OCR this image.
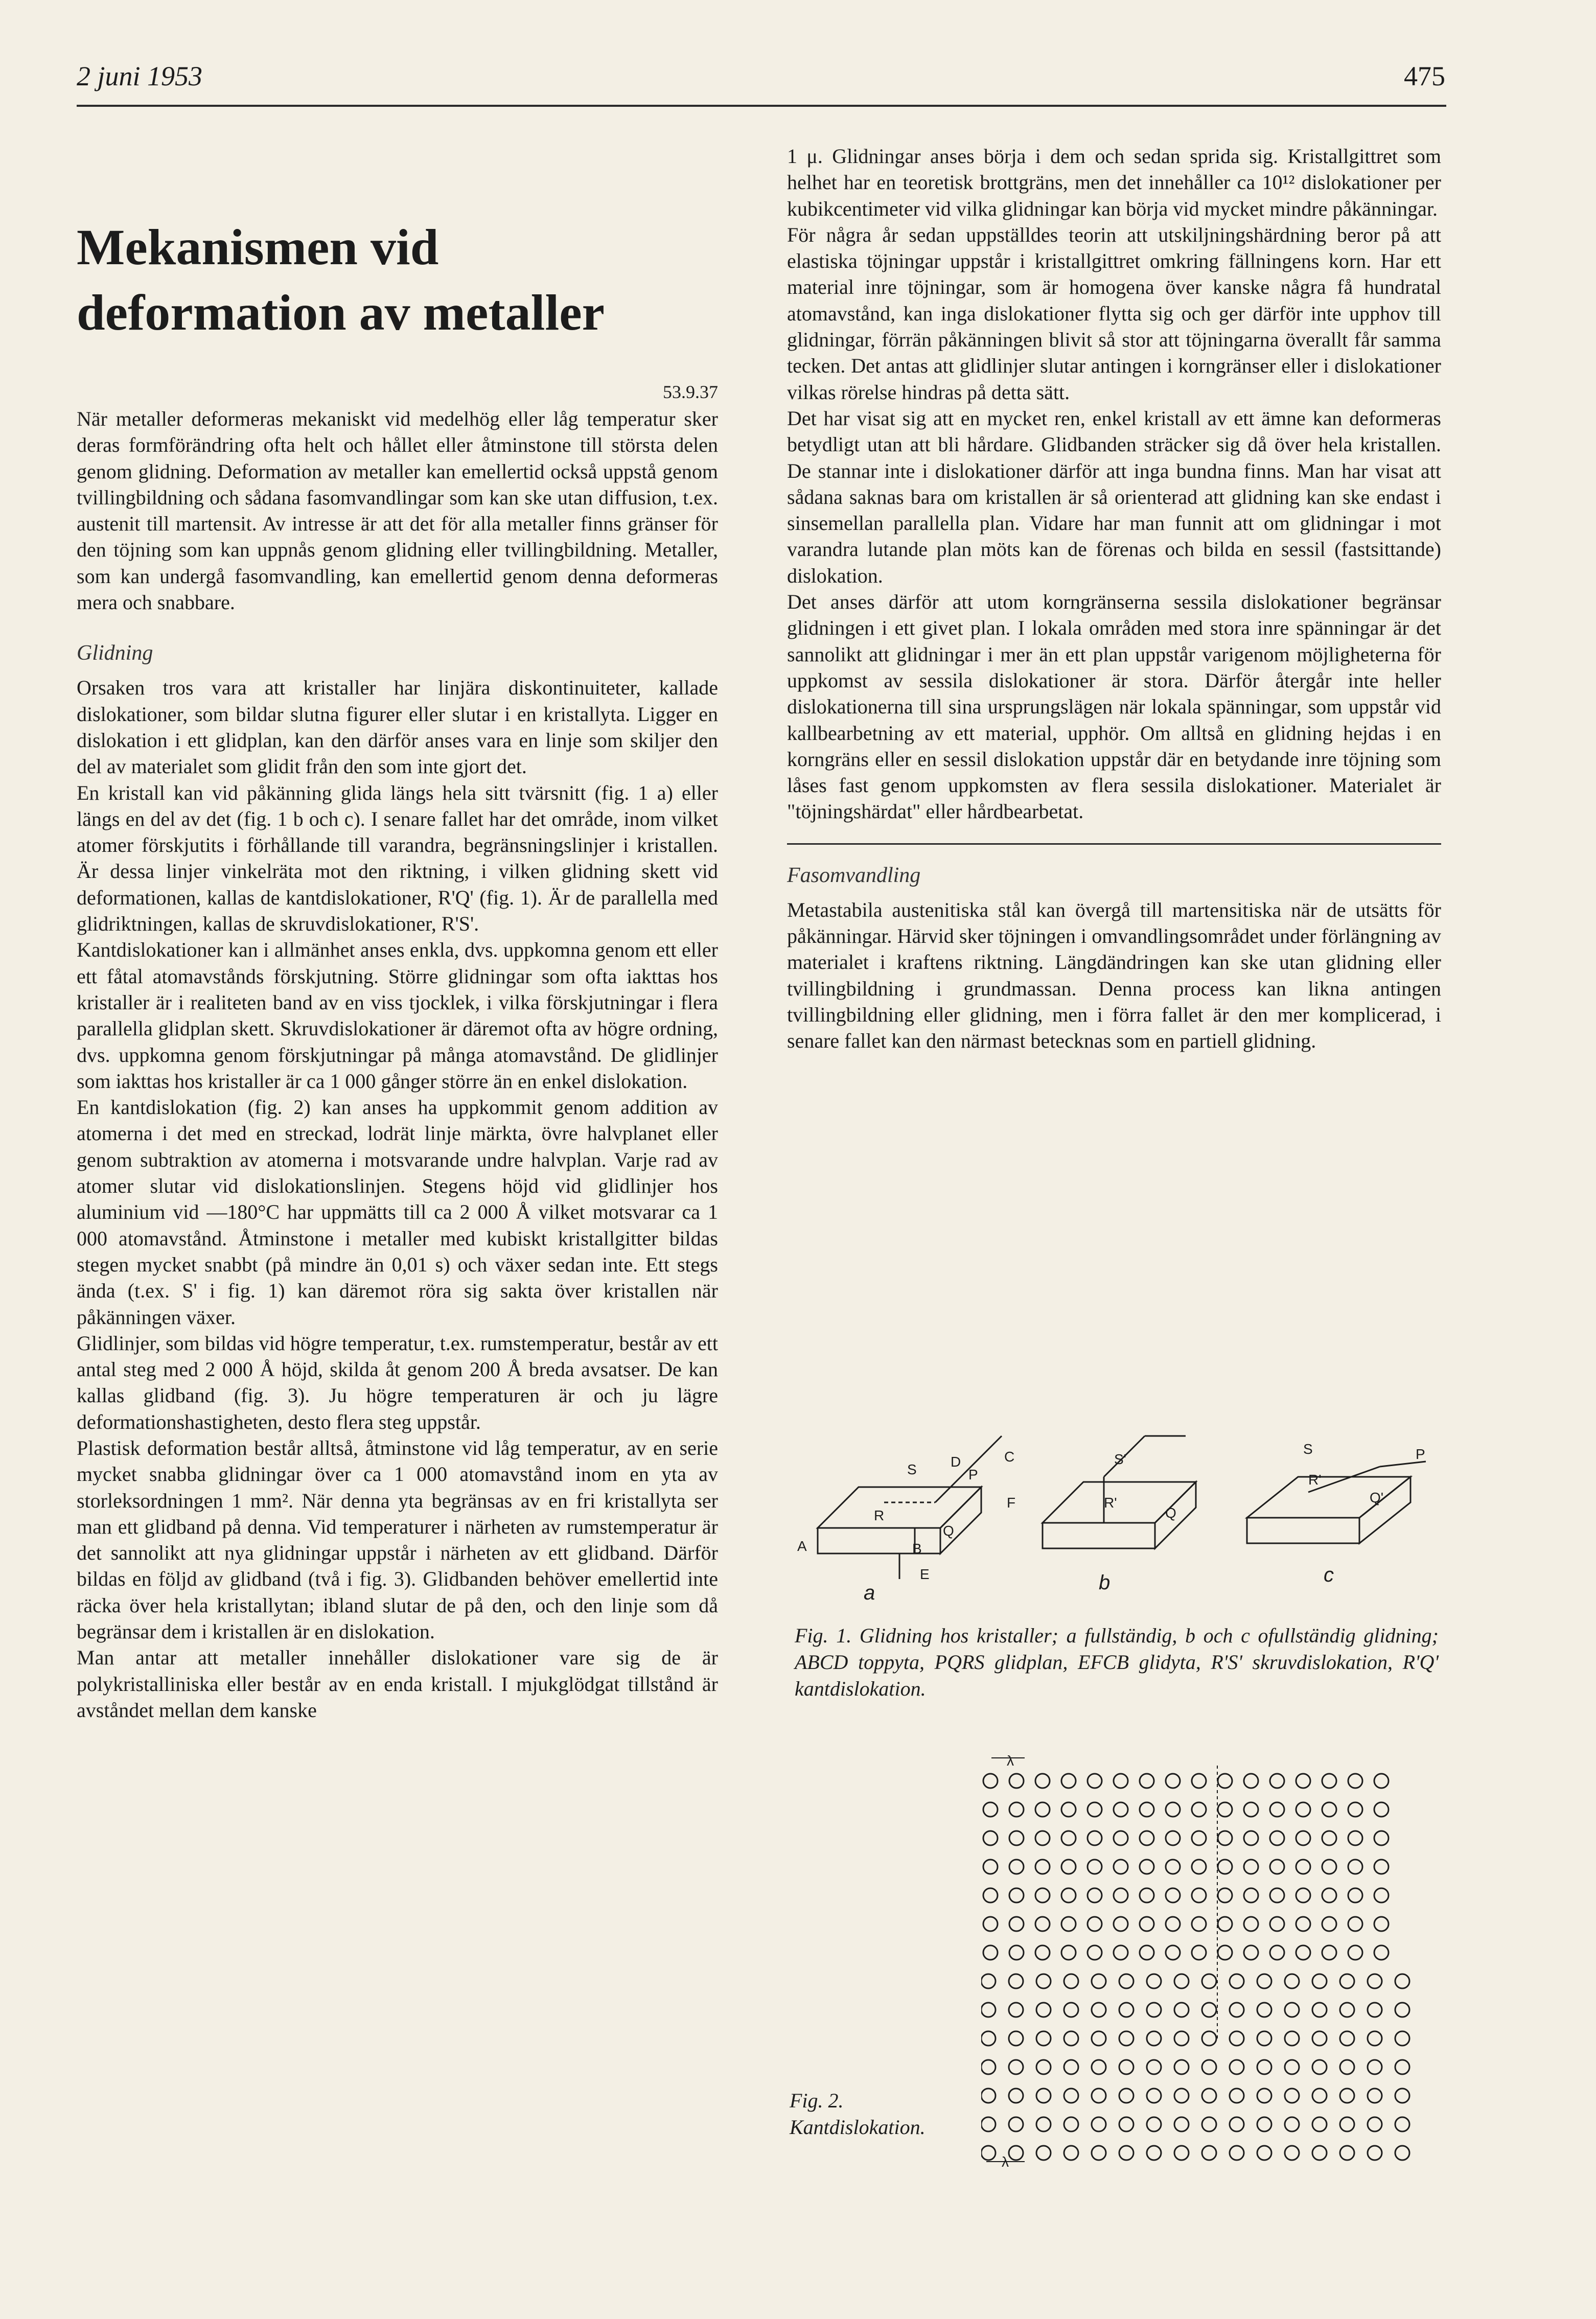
2 juni 1953	475
Mekanismen vid deformation av metaller
53.9.37

När metaller deformeras mekaniskt vid medelhög eller låg temperatur sker deras formförändring ofta helt och hållet eller åtminstone till största delen genom glidning. Deformation av metaller kan emellertid också uppstå genom tvillingbildning och sådana fasomvandlingar som kan ske utan diffusion, t.ex. austenit till martensit. Av intresse är att det för alla metaller finns gränser för den töjning som kan uppnås genom glidning eller tvillingbildning. Metaller, som kan undergå fasomvandling, kan emellertid genom denna deformeras mera och snabbare.

Glidning

Orsaken tros vara att kristaller har linjära diskontinuiteter, kallade dislokationer, som bildar slutna figurer eller slutar i en kristallyta. Ligger en dislokation i ett glidplan, kan den därför anses vara en linje som skiljer den del av materialet som glidit från den som inte gjort det.

En kristall kan vid påkänning glida längs hela sitt tvärsnitt (fig. 1 a) eller längs en del av det (fig. 1 b och c). I senare fallet har det område, inom vilket atomer förskjutits i förhållande till varandra, begränsningslinjer i kristallen. Är dessa linjer vinkelräta mot den riktning, i vilken glidning skett vid deformationen, kallas de kantdislokationer, R'Q' (fig. 1). Är de parallella med glidriktningen, kallas de skruvdislokationer, R'S'.

Kantdislokationer kan i allmänhet anses enkla, dvs. uppkomna genom ett eller ett fåtal atomavstånds förskjutning. Större glidningar som ofta iakttas hos kristaller är i realiteten band av en viss tjocklek, i vilka förskjutningar i flera parallella glidplan skett. Skruvdislokationer är däremot ofta av högre ordning, dvs. uppkomna genom förskjutningar på många atomavstånd. De glidlinjer som iakttas hos kristaller är ca 1 000 gånger större än en enkel dislokation.

En kantdislokation (fig. 2) kan anses ha uppkommit genom addition av atomerna i det med en streckad, lodrät linje märkta, övre halvplanet eller genom subtraktion av atomerna i motsvarande undre halvplan. Varje rad av atomer slutar vid dislokationslinjen. Stegens höjd vid glidlinjer hos aluminium vid —180°C har uppmätts till ca 2 000 Å vilket motsvarar ca 1 000 atomavstånd. Åtminstone i metaller med kubiskt kristallgitter bildas stegen mycket snabbt (på mindre än 0,01 s) och växer sedan inte. Ett stegs ända (t.ex. S' i fig. 1) kan däremot röra sig sakta över kristallen när påkänningen växer.

Glidlinjer, som bildas vid högre temperatur, t.ex. rumstemperatur, består av ett antal steg med 2 000 Å höjd, skilda åt genom 200 Å breda avsatser. De kan kallas glidband (fig. 3). Ju högre temperaturen är och ju lägre deformationshastigheten, desto flera steg uppstår.

Plastisk deformation består alltså, åtminstone vid låg temperatur, av en serie mycket snabba glidningar över ca 1 000 atomavstånd inom en yta av storleksordningen 1 mm². När denna yta begränsas av en fri kristallyta ser man ett glidband på denna. Vid temperaturer i närheten av rumstemperatur är det sannolikt att nya glidningar uppstår i närheten av ett glidband. Därför bildas en följd av glidband (två i fig. 3). Glidbanden behöver emellertid inte räcka över hela kristallytan; ibland slutar de på den, och den linje som då begränsar dem i kristallen är en dislokation.

Man antar att metaller innehåller dislokationer vare sig de är polykristalliniska eller består av en enda kristall. I mjukglödgat tillstånd är avståndet mellan dem kanske

1 μ. Glidningar anses börja i dem och sedan sprida sig. Kristallgittret som helhet har en teoretisk brottgräns, men det innehåller ca 10¹² dislokationer per kubikcentimeter vid vilka glidningar kan börja vid mycket mindre påkänningar.

För några år sedan uppställdes teorin att utskiljningshärdning beror på att elastiska töjningar uppstår i kristallgittret omkring fällningens korn. Har ett material inre töjningar, som är homogena över kanske några få hundratal atomavstånd, kan inga dislokationer flytta sig och ger därför inte upphov till glidningar, förrän påkänningen blivit så stor att töjningarna överallt får samma tecken. Det antas att glidlinjer slutar antingen i korngränser eller i dislokationer vilkas rörelse hindras på detta sätt.

Det har visat sig att en mycket ren, enkel kristall av ett ämne kan deformeras betydligt utan att bli hårdare. Glidbanden sträcker sig då över hela kristallen. De stannar inte i dislokationer därför att inga bundna finns. Man har visat att sådana saknas bara om kristallen är så orienterad att glidning kan ske endast i sinsemellan parallella plan. Vidare har man funnit att om glidningar i mot varandra lutande plan möts kan de förenas och bilda en sessil (fastsittande) dislokation.

Det anses därför att utom korngränserna sessila dislokationer begränsar glidningen i ett givet plan. I lokala områden med stora inre spänningar är det sannolikt att glidningar i mer än ett plan uppstår varigenom möjligheterna för uppkomst av sessila dislokationer är stora. Därför återgår inte heller dislokationerna till sina ursprungslägen när lokala spänningar, som uppstår vid kallbearbetning av ett material, upphör. Om alltså en glidning hejdas i en korngräns eller en sessil dislokation uppstår där en betydande inre töjning som låses fast genom uppkomsten av flera sessila dislokationer. Materialet är "töjningshärdat" eller hårdbearbetat.

Fasomvandling

Metastabila austenitiska stål kan övergå till martensitiska när de utsätts för påkänningar. Härvid sker töjningen i omvandlingsområdet under förlängning av materialet i kraftens riktning. Längdändringen kan ske utan glidning eller tvillingbildning i grundmassan. Denna process kan likna antingen tvillingbildning eller glidning, men i förra fallet är den mer komplicerad, i senare fallet kan den närmast betecknas som en partiell glidning.

D	C
S	P
F
R
Q
A	B
E
a
S'
R'
Q
b
S	P
R'
Q'
c
Fig. 1. Glidning hos kristaller; a fullständig, b och c ofullständig glidning; ABCD toppyta, PQRS glidplan, EFCB glidyta, R'S' skruvdislokation, R'Q' kantdislokation.
λ
λ
Fig. 2. Kantdislokation.
